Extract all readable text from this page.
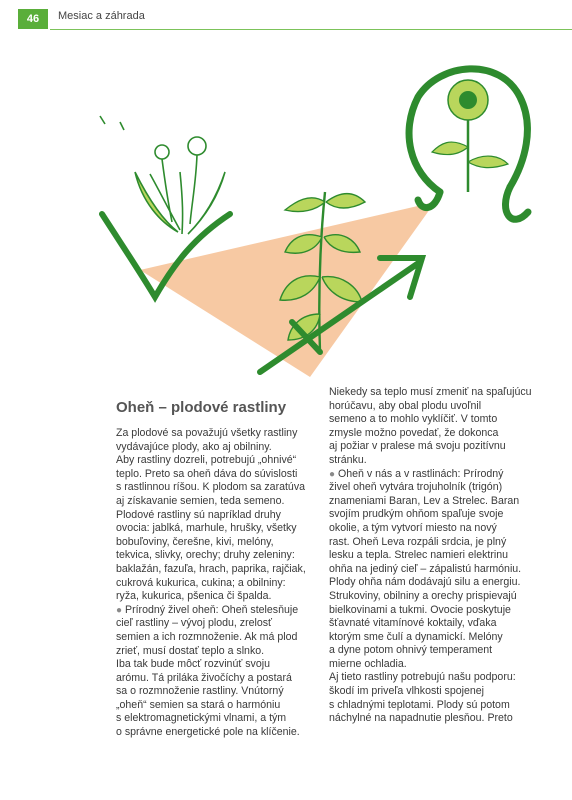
46	Mesiac a záhrada
Oheň – plodové rastliny

Za plodové sa považujú všetky rastliny

vydávajúce plody, ako aj obilniny.

Aby rastliny dozreli, potrebujú „ohnivé“

teplo. Preto sa oheň dáva do súvislosti

s rastlinnou ríšou. K plodom sa zaratúva

aj získavanie semien, teda semeno.

Plodové rastliny sú napríklad druhy

ovocia: jablká, marhule, hrušky, všetky

bobuľoviny, čerešne, kivi, melóny,

tekvica, slivky, orechy; druhy zeleniny:

baklažán, fazuľa, hrach, paprika, rajčiak,

cukrová kukurica, cukina; a obilniny:

ryža, kukurica, pšenica či špalda.

● Prírodný živel oheň: Oheň stelesňuje

cieľ rastliny – vývoj plodu, zrelosť

semien a ich rozmnoženie. Ak má plod

zrieť, musí dostať teplo a slnko.

Iba tak bude môcť rozvinúť svoju

arómu. Tá priláka živočíchy a postará

sa o rozmnoženie rastliny. Vnútorný

„oheň“ semien sa stará o harmóniu

s elektromagnetickými vlnami, a tým

o správne energetické pole na klíčenie.

Niekedy sa teplo musí zmeniť na spaľujúcu

horúčavu, aby obal plodu uvoľnil

semeno a to mohlo vyklíčiť. V tomto

zmysle možno povedať, že dokonca

aj požiar v pralese má svoju pozitívnu

stránku.

● Oheň v nás a v rastlinách: Prírodný

živel oheň vytvára trojuholník (trigón)

znameniami Baran, Lev a Strelec. Baran

svojím prudkým ohňom spaľuje svoje

okolie, a tým vytvorí miesto na nový

rast. Oheň Leva rozpáli srdcia, je plný

lesku a tepla. Strelec namieri elektrinu

ohňa na jediný cieľ – zápalistú harmóniu.

Plody ohňa nám dodávajú silu a energiu.

Strukoviny, obilniny a orechy prispievajú

bielkovinami a tukmi. Ovocie poskytuje

šťavnaté vitamínové koktaily, vďaka

ktorým sme čulí a dynamickí. Melóny

a dyne potom ohnivý temperament

mierne ochladia.

Aj tieto rastliny potrebujú našu podporu:

škodí im priveľa vlhkosti spojenej

s chladnými teplotami. Plody sú potom

náchylné na napadnutie plesňou. Preto
